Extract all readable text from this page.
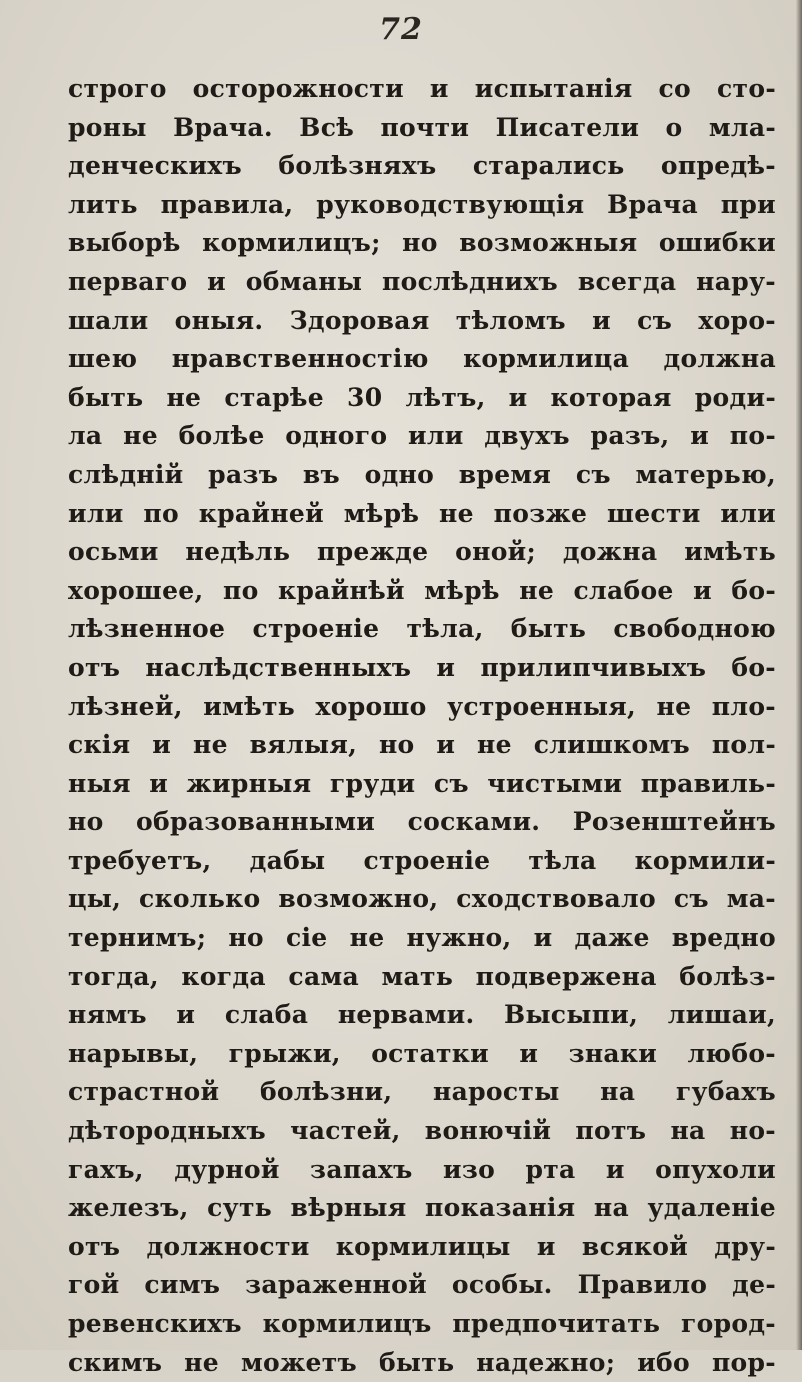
72
строго осторожности и испытанія со сто-
роны Врача. Всѣ почти Писатели о мла-
денческихъ болѣзняхъ старались опредѣ-
лить правила, руководствующія Врача при
выборѣ кормилицъ; но возможныя ошибки
перваго и обманы послѣднихъ всегда нару-
шали оныя. Здоровая тѣломъ и съ хоро-
шею нравственностію кормилица должна
быть не старѣе 30 лѣтъ, и которая роди-
ла не болѣе одного или двухъ разъ, и по-
слѣдній разъ въ одно время съ матерью,
или по крайней мѣрѣ не позже шести или
осьми недѣль прежде оной; дожна имѣть
хорошее, по крайнѣй мѣрѣ не слабое и бо-
лѣзненное строеніе тѣла, быть свободною
отъ наслѣдственныхъ и прилипчивыхъ бо-
лѣзней, имѣть хорошо устроенныя, не пло-
скія и не вялыя, но и не слишкомъ пол-
ныя и жирныя груди съ чистыми правиль-
но образованными сосками. Розенштейнъ
требуетъ, дабы строеніе тѣла кормили-
цы, сколько возможно, сходствовало съ ма-
тернимъ; но сіе не нужно, и даже вредно
тогда, когда сама мать подвержена болѣз-
нямъ и слаба нервами. Высыпи, лишаи,
нарывы, грыжи, остатки и знаки любо-
страстной болѣзни, наросты на губахъ
дѣтородныхъ частей, вонючій потъ на но-
гахъ, дурной запахъ изо рта и опухоли
железъ, суть вѣрныя показанія на удаленіе
отъ должности кормилицы и всякой дру-
гой симъ зараженной особы. Правило де-
ревенскихъ кормилицъ предпочитать город-
скимъ не можетъ быть надежно; ибо пор-
